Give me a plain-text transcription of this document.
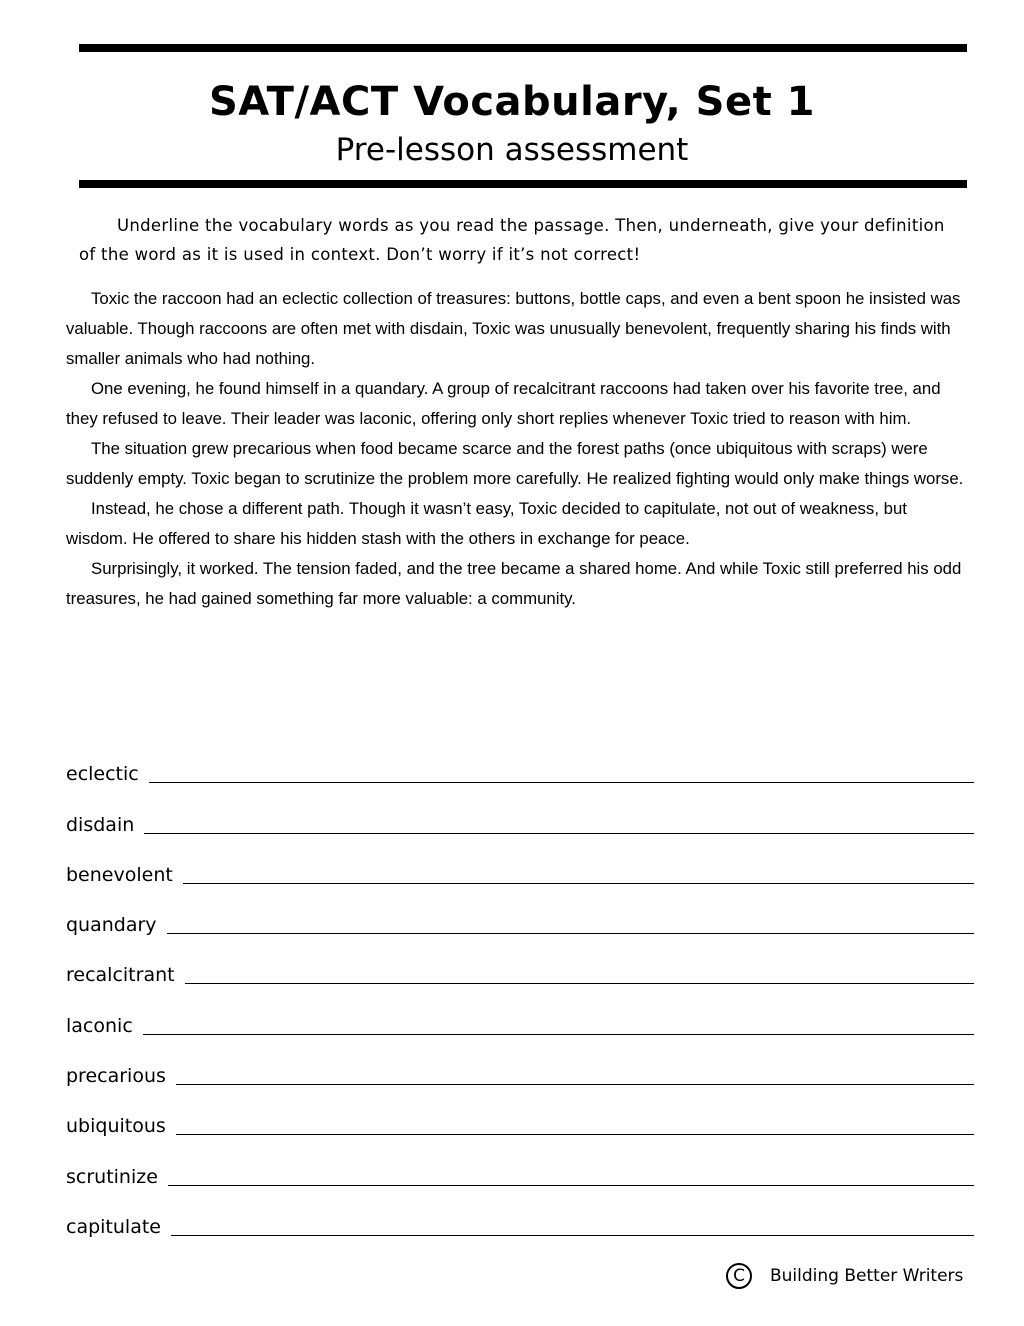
SAT/ACT Vocabulary, Set 1
Pre-lesson assessment
Underline the vocabulary words as you read the passage. Then, underneath, give your definition of the word as it is used in context. Don’t worry if it’s not correct!

Toxic the raccoon had an eclectic collection of treasures: buttons, bottle caps, and even a bent spoon he insisted was valuable. Though raccoons are often met with disdain, Toxic was unusually benevolent, frequently sharing his finds with smaller animals who had nothing.

One evening, he found himself in a quandary. A group of recalcitrant raccoons had taken over his favorite tree, and they refused to leave. Their leader was laconic, offering only short replies whenever Toxic tried to reason with him.

The situation grew precarious when food became scarce and the forest paths (once ubiquitous with scraps) were suddenly empty. Toxic began to scrutinize the problem more carefully. He realized fighting would only make things worse.

Instead, he chose a different path. Though it wasn’t easy, Toxic decided to capitulate, not out of weakness, but wisdom. He offered to share his hidden stash with the others in exchange for peace.

Surprisingly, it worked. The tension faded, and the tree became a shared home. And while Toxic still preferred his odd treasures, he had gained something far more valuable: a community.

eclectic
disdain
benevolent
quandary
recalcitrant
laconic
precarious
ubiquitous
scrutinize
capitulate
C	Building Better Writers
